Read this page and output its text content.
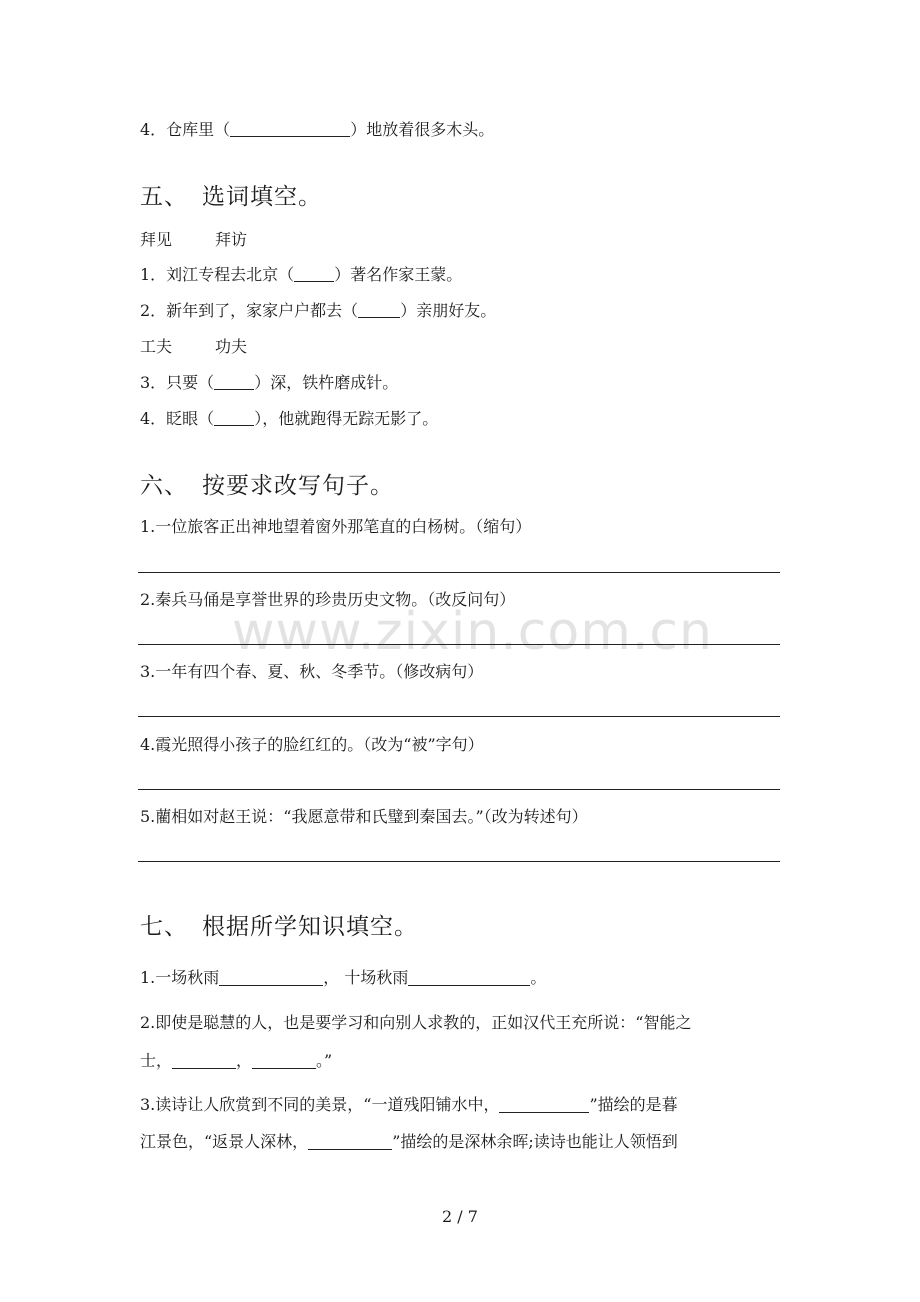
www.zixin.com.cn
4．仓库里（	）地放着很多木头。
五、 选词填空。
拜见	拜访
1．刘江专程去北京（	）著名作家王蒙。
2．新年到了，家家户户都去（	）亲朋好友。
工夫	功夫
3．只要（	）深，铁杵磨成针。
4．眨眼（	），他就跑得无踪无影了。
六、 按要求改写句子。
1.一位旅客正出神地望着窗外那笔直的白杨树。（缩句）
2.秦兵马俑是享誉世界的珍贵历史文物。（改反问句）
3.一年有四个春、夏、秋、冬季节。（修改病句）
4.霞光照得小孩子的脸红红的。（改为“被”字句）
5.藺相如对赵王说：“我愿意带和氏璧到秦国去。”（改为转述句）
七、 根据所学知识填空。
1.一场秋雨	， 十场秋雨	。
2.即使是聪慧的人，也是要学习和向别人求教的，正如汉代王充所说：“智能之
士，	，	。”
3.读诗让人欣赏到不同的美景，“一道残阳铺水中，	”描绘的是暮
江景色，“返景人深林，	”描绘的是深林余晖;读诗也能让人领悟到
2 / 7
